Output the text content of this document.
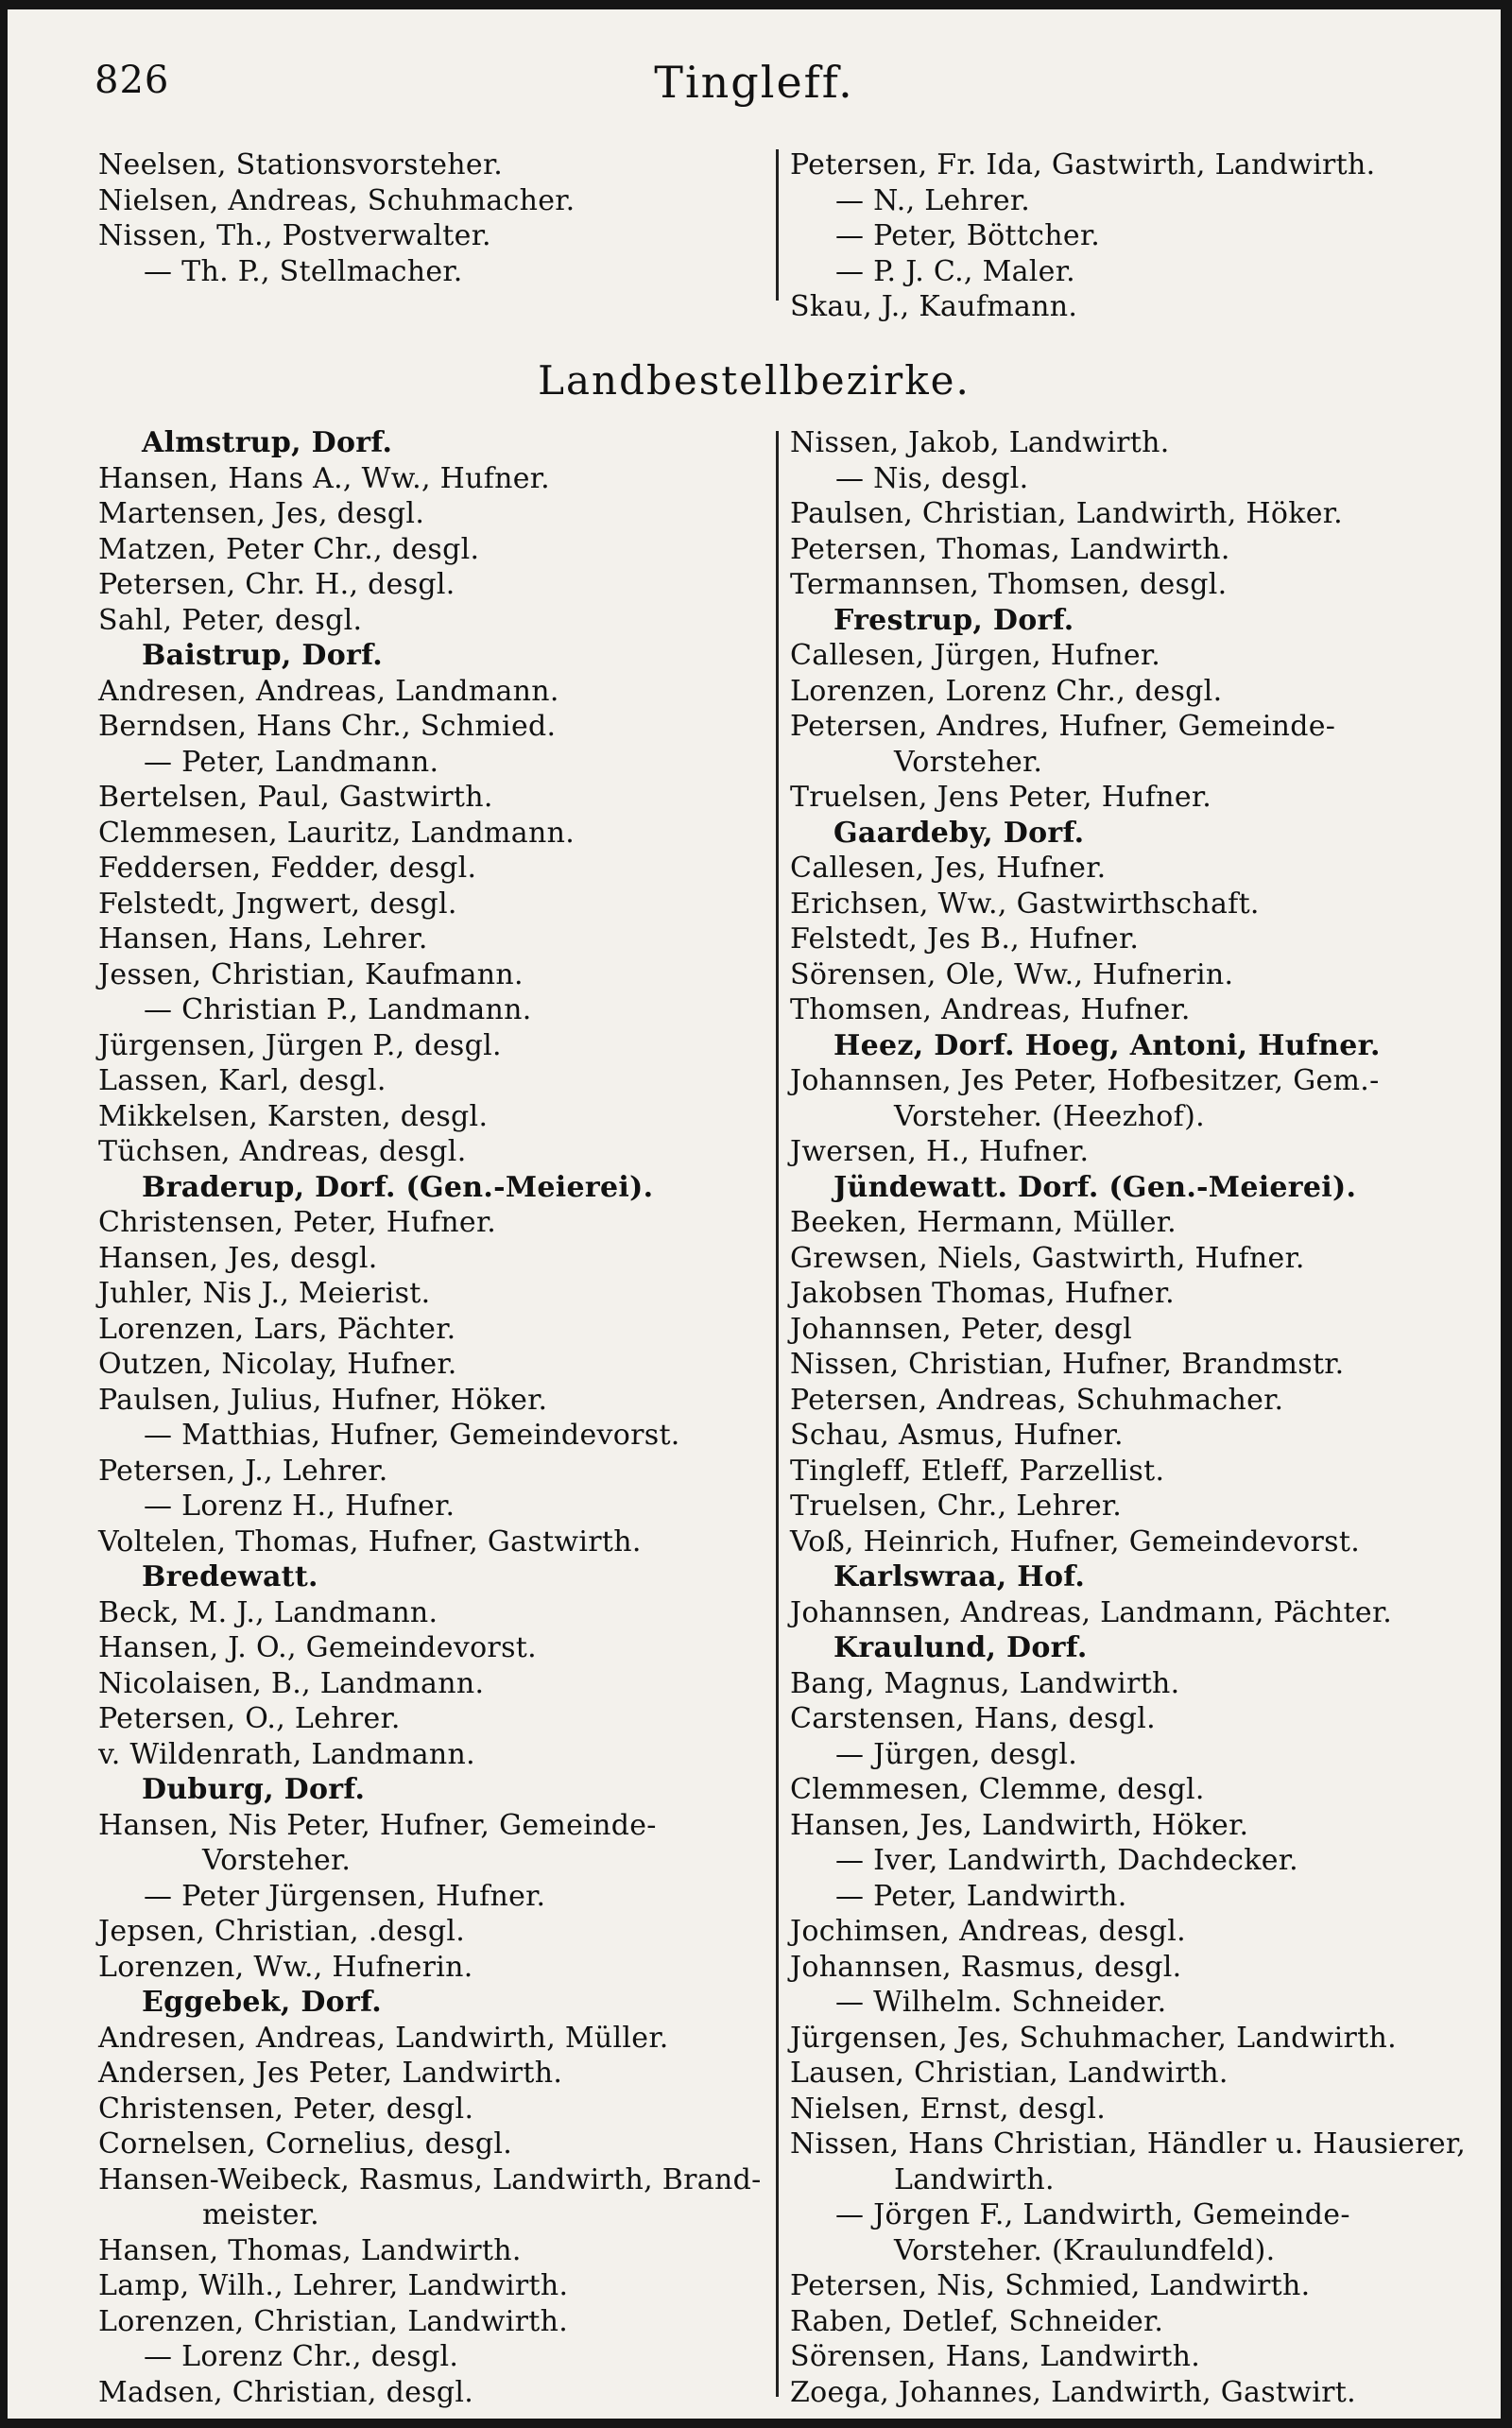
826	Tingleff.
Neelsen, Stationsvorsteher.
Nielsen, Andreas, Schuhmacher.
Nissen, Th., Postverwalter.
— Th. P., Stellmacher.
Petersen, Fr. Ida, Gastwirth, Landwirth.
— N., Lehrer.
— Peter, Böttcher.
— P. J. C., Maler.
Skau, J., Kaufmann.
Landbestellbezirke.
Almstrup, Dorf.
Hansen, Hans A., Ww., Hufner.
Martensen, Jes, desgl.
Matzen, Peter Chr., desgl.
Petersen, Chr. H., desgl.
Sahl, Peter, desgl.
Baistrup, Dorf.
Andresen, Andreas, Landmann.
Berndsen, Hans Chr., Schmied.
— Peter, Landmann.
Bertelsen, Paul, Gastwirth.
Clemmesen, Lauritz, Landmann.
Feddersen, Fedder, desgl.
Felstedt, Jngwert, desgl.
Hansen, Hans, Lehrer.
Jessen, Christian, Kaufmann.
— Christian P., Landmann.
Jürgensen, Jürgen P., desgl.
Lassen, Karl, desgl.
Mikkelsen, Karsten, desgl.
Tüchsen, Andreas, desgl.
Braderup, Dorf. (Gen.-Meierei).
Christensen, Peter, Hufner.
Hansen, Jes, desgl.
Juhler, Nis J., Meierist.
Lorenzen, Lars, Pächter.
Outzen, Nicolay, Hufner.
Paulsen, Julius, Hufner, Höker.
— Matthias, Hufner, Gemeindevorst.
Petersen, J., Lehrer.
— Lorenz H., Hufner.
Voltelen, Thomas, Hufner, Gastwirth.
Bredewatt.
Beck, M. J., Landmann.
Hansen, J. O., Gemeindevorst.
Nicolaisen, B., Landmann.
Petersen, O., Lehrer.
v. Wildenrath, Landmann.
Duburg, Dorf.
Hansen, Nis Peter, Hufner, Gemeinde-
Vorsteher.
— Peter Jürgensen, Hufner.
Jepsen, Christian, .desgl.
Lorenzen, Ww., Hufnerin.
Eggebek, Dorf.
Andresen, Andreas, Landwirth, Müller.
Andersen, Jes Peter, Landwirth.
Christensen, Peter, desgl.
Cornelsen, Cornelius, desgl.
Hansen-Weibeck, Rasmus, Landwirth, Brand-
meister.
Hansen, Thomas, Landwirth.
Lamp, Wilh., Lehrer, Landwirth.
Lorenzen, Christian, Landwirth.
— Lorenz Chr., desgl.
Madsen, Christian, desgl.
Nissen, Jakob, Landwirth.
— Nis, desgl.
Paulsen, Christian, Landwirth, Höker.
Petersen, Thomas, Landwirth.
Termannsen, Thomsen, desgl.
Frestrup, Dorf.
Callesen, Jürgen, Hufner.
Lorenzen, Lorenz Chr., desgl.
Petersen, Andres, Hufner, Gemeinde-
Vorsteher.
Truelsen, Jens Peter, Hufner.
Gaardeby, Dorf.
Callesen, Jes, Hufner.
Erichsen, Ww., Gastwirthschaft.
Felstedt, Jes B., Hufner.
Sörensen, Ole, Ww., Hufnerin.
Thomsen, Andreas, Hufner.
Heez, Dorf. Hoeg, Antoni, Hufner.
Johannsen, Jes Peter, Hofbesitzer, Gem.-
Vorsteher. (Heezhof).
Jwersen, H., Hufner.
Jündewatt. Dorf. (Gen.-Meierei).
Beeken, Hermann, Müller.
Grewsen, Niels, Gastwirth, Hufner.
Jakobsen Thomas, Hufner.
Johannsen, Peter, desgl
Nissen, Christian, Hufner, Brandmstr.
Petersen, Andreas, Schuhmacher.
Schau, Asmus, Hufner.
Tingleff, Etleff, Parzellist.
Truelsen, Chr., Lehrer.
Voß, Heinrich, Hufner, Gemeindevorst.
Karlswraa, Hof.
Johannsen, Andreas, Landmann, Pächter.
Kraulund, Dorf.
Bang, Magnus, Landwirth.
Carstensen, Hans, desgl.
— Jürgen, desgl.
Clemmesen, Clemme, desgl.
Hansen, Jes, Landwirth, Höker.
— Iver, Landwirth, Dachdecker.
— Peter, Landwirth.
Jochimsen, Andreas, desgl.
Johannsen, Rasmus, desgl.
— Wilhelm. Schneider.
Jürgensen, Jes, Schuhmacher, Landwirth.
Lausen, Christian, Landwirth.
Nielsen, Ernst, desgl.
Nissen, Hans Christian, Händler u. Hausierer,
Landwirth.
— Jörgen F., Landwirth, Gemeinde-
Vorsteher. (Kraulundfeld).
Petersen, Nis, Schmied, Landwirth.
Raben, Detlef, Schneider.
Sörensen, Hans, Landwirth.
Zoega, Johannes, Landwirth, Gastwirt.
